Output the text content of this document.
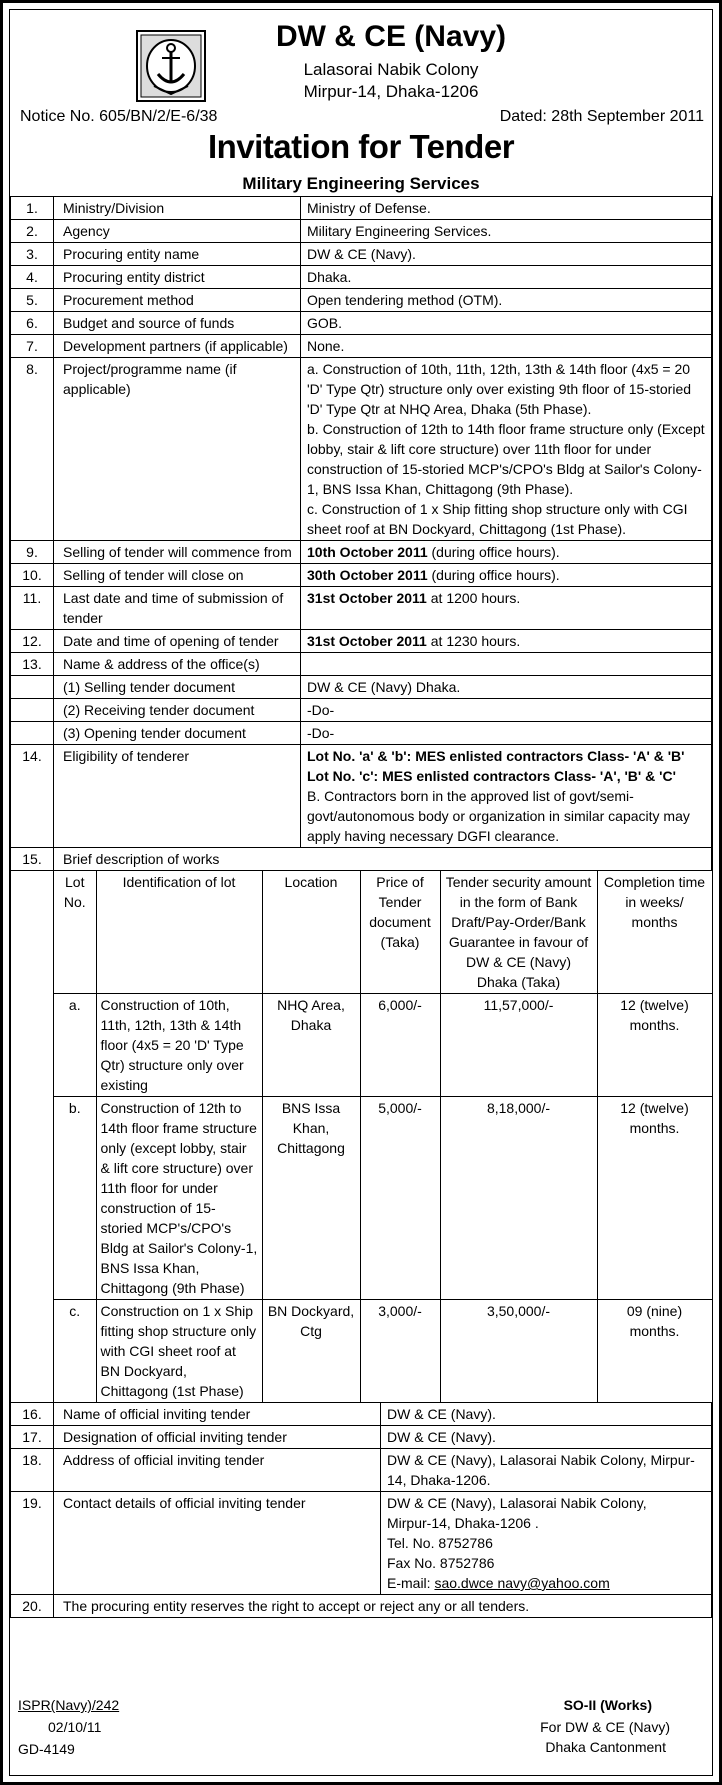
DW & CE (Navy)
Lalasorai Nabik Colony
Mirpur-14, Dhaka-1206
Notice No. 605/BN/2/E-6/38	Dated: 28th September 2011
Invitation for Tender
Military Engineering Services
1.	Ministry/Division	Ministry of Defense.
2.	Agency	Military Engineering Services.
3.	Procuring entity name	DW & CE (Navy).
4.	Procuring entity district	Dhaka.
5.	Procurement method	Open tendering method (OTM).
6.	Budget and source of funds	GOB.
7.	Development partners (if applicable)	None.
8.	Project/programme name (if applicable)	
a. Construction of 10th, 11th, 12th, 13th & 14th floor (4x5 = 20 'D' Type Qtr) structure only over existing 9th floor of 15-storied 'D' Type Qtr at NHQ Area, Dhaka (5th Phase).
b. Construction of 12th to 14th floor frame structure only (Except lobby, stair & lift core structure) over 11th floor for under construction of 15-storied MCP's/CPO's Bldg at Sailor's Colony-1, BNS Issa Khan, Chittagong (9th Phase).
c. Construction of 1 x Ship fitting shop structure only with CGI sheet roof at BN Dockyard, Chittagong (1st Phase).

9.	Selling of tender will commence from	10th October 2011 (during office hours).
10.	Selling of tender will close on	30th October 2011 (during office hours).
11.	Last date and time of submission of tender	31st October 2011 at 1200 hours.
12.	Date and time of opening of tender	31st October 2011 at 1230 hours.
13.	Name & address of the office(s)	
	(1) Selling tender document	DW & CE (Navy) Dhaka.
	(2) Receiving tender document	-Do-
	(3) Opening tender document	-Do-
14.	Eligibility of tenderer	Lot No. 'a' & 'b': MES enlisted contractors Class- 'A' & 'B'
Lot No. 'c': MES enlisted contractors Class- 'A', 'B' & 'C'
B. Contractors born in the approved list of govt/semi-govt/autonomous body or organization in similar capacity may apply having necessary DGFI clearance.

15.	Brief description of works

Lot No.	Identification of lot	Location	Price of Tender document (Taka)	Tender security amount in the form of Bank Draft/Pay-Order/Bank Guarantee in favour of DW & CE (Navy) Dhaka (Taka)	Completion time in weeks/ months
a.	Construction of 10th, 11th, 12th, 13th & 14th floor (4x5 = 20 'D' Type Qtr) structure only over existing	NHQ Area, Dhaka	6,000/-	11,57,000/-	12 (twelve) months.
b.	Construction of 12th to 14th floor frame structure only (except lobby, stair & lift core structure) over 11th floor for under construction of 15-storied MCP's/CPO's Bldg at Sailor's Colony-1, BNS Issa Khan, Chittagong (9th Phase)	BNS Issa Khan, Chittagong	5,000/-	8,18,000/-	12 (twelve) months.
c.	Construction on 1 x Ship fitting shop structure only with CGI sheet roof at BN Dockyard, Chittagong (1st Phase)	BN Dockyard, Ctg	3,000/-	3,50,000/-	09 (nine) months.
16.	Name of official inviting tender	DW & CE (Navy).
17.	Designation of official inviting tender	DW & CE (Navy).
18.	Address of official inviting tender	DW & CE (Navy), Lalasorai Nabik Colony, Mirpur-14, Dhaka-1206.
19.	Contact details of official inviting tender	DW & CE (Navy), Lalasorai Nabik Colony,
Mirpur-14, Dhaka-1206 .
Tel. No. 8752786
Fax No. 8752786
E-mail: sao.dwce navy@yahoo.com

20.	The procuring entity reserves the right to accept or reject any or all tenders.	
ISPR(Navy)/242
02/10/11
GD-4149
SO-II (Works)
For DW & CE (Navy)
Dhaka Cantonment
